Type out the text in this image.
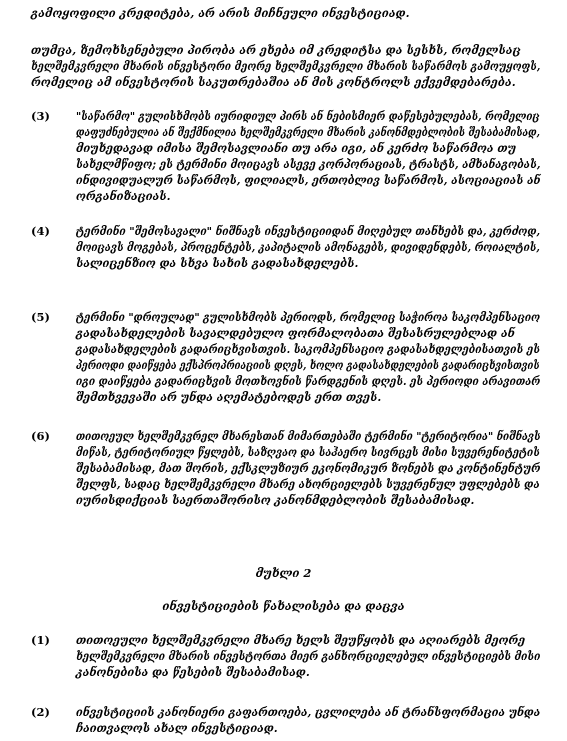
გამოყოფილი კრედიტება, არ არის მიჩნეული ინვესტიციად.
თუმცა, ზემოხსენებული პირობა არ ეხება იმ კრედიტსა და სესხს, რომელსაც
ხელშემკვრელი მხარის ინვესტორი მეორე ხელშემკვრელი მხარის საწარმოს გამოუყოფს,
რომელიც ამ ინვესტორის საკუთრებაშია ან მის კონტროლს ექვემდებარება.
(3) "საწარმო" გულისხმობს იურიდიულ პირს ან ნებისმიერ დაწესებულებას, რომელიც
დაფუძნებულია ან შექმნილია ხელშემკვრელი მხარის კანონმდებლობის შესაბამისად,
მიუხედავად იმისა შემოსავლიანი თუ არა იგი, ან კერძო საწარმოა თუ
სახელმწიფო; ეს ტერმინი მოიცავს ასევე კორპორაციას, ტრასტს, ამხანაგობას,
ინდივიდუალურ საწარმოს, ფილიალს, ერთობლივ საწარმოს, ასოციაციას ან
ორგანიზაციას.
(4) ტერმინი "შემოსავალი" ნიშნავს ინვესტიციიდან მიღებულ თანხებს და, კერძოდ,
მოიცავს მოგებას, პროცენტებს, კაპიტალის ამონაგებს, დივიდენდებს, როიალტის,
სალიცენზიო და სხვა სახის გადასახდელებს.
(5) ტერმინი "დროულად" გულისხმობს პერიოდს, რომელიც საჭიროა საკომპენსაციო
გადასახდელების სავალდებულო ფორმალობათა შესასრულებლად ან
გადასახდელების გადარიცხვისთვის. საკომპენსაციო გადასახდელებისათვის ეს
პერიოდი დაიწყება ექსპროპრიაციის დღეს, ხოლო გადასახდელების გადარიცხვისთვის
იგი დაიწყება გადარიცხვის მოთხოვნის წარდგენის დღეს. ეს პერიოდი არავითარ
შემთხვევაში არ უნდა აღემატებოდეს ერთ თვეს.
(6) თითოეულ ხელშემკვრელ მხარესთან მიმართებაში ტერმინი "ტერიტორია" ნიშნავს
მიწას, ტერიტორიულ წყლებს, საზღვაო და საჰაერო სივრცეს მისი სუვერენიტეტის
შესაბამისად, მათ შორის, ექსკლუზიურ ეკონომიკურ ზონებს და კონტინენტურ
შელფს, სადაც ხელშემკვრელი მხარე ახორციელებს სუვერენულ უფლებებს და
იურისდიქციას საერთაშორისო კანონმდებლობის შესაბამისად.
მუხლი 2
ინვესტიციების წახალისება და დაცვა
(1) თითოეული ხელშემკვრელი მხარე ხელს შეუწყობს და აღიარებს მეორე
ხელშემკვრელი მხარის ინვესტორთა მიერ განხორციელებულ ინვესტიციებს მისი
კანონებისა და წესების შესაბამისად.
(2) ინვესტიციის კანონიერი გაფართოება, ცვლილება ან ტრანსფორმაცია უნდა
ჩაითვალოს ახალ ინვესტიციად.
